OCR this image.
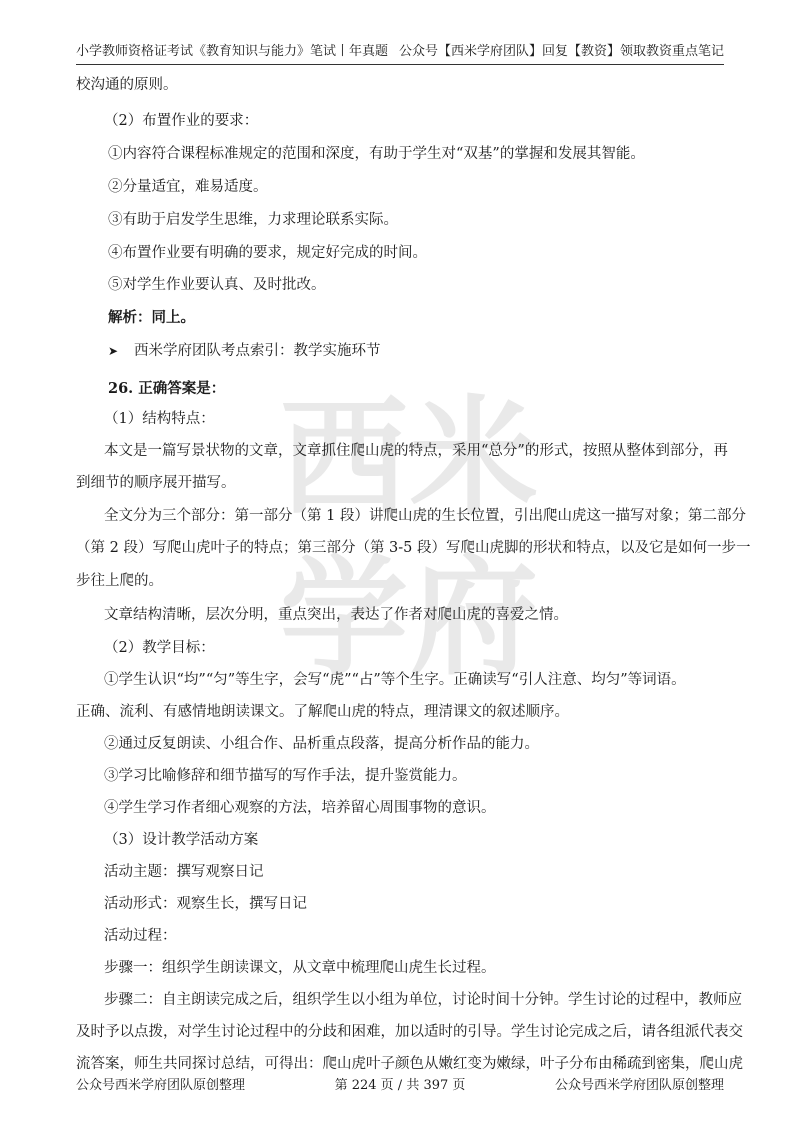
小学教师资格证考试《教育知识与能力》笔试丨年真题 公众号【西米学府团队】回复【教资】领取教资重点笔记
西 米
学 府
校沟通的原则。
（2）布置作业的要求：
①内容符合课程标准规定的范围和深度，有助于学生对“双基”的掌握和发展其智能。
②分量适宜，难易适度。
③有助于启发学生思维，力求理论联系实际。
④布置作业要有明确的要求，规定好完成的时间。
⑤对学生作业要认真、及时批改。
解析：同上。
➤ 西米学府团队考点索引：教学实施环节
26. 正确答案是：
（1）结构特点：
本文是一篇写景状物的文章，文章抓住爬山虎的特点，采用“总分”的形式，按照从整体到部分，再
到细节的顺序展开描写。
全文分为三个部分：第一部分（第 1 段）讲爬山虎的生长位置，引出爬山虎这一描写对象；第二部分
（第 2 段）写爬山虎叶子的特点；第三部分（第 3-5 段）写爬山虎脚的形状和特点，以及它是如何一步一
步往上爬的。
文章结构清晰，层次分明，重点突出，表达了作者对爬山虎的喜爱之情。
（2）教学目标：
①学生认识“均”“匀”等生字，会写“虎”“占”等个生字。正确读写“引人注意、均匀”等词语。
正确、流利、有感情地朗读课文。了解爬山虎的特点，理清课文的叙述顺序。
②通过反复朗读、小组合作、品析重点段落，提高分析作品的能力。
③学习比喻修辞和细节描写的写作手法，提升鉴赏能力。
④学生学习作者细心观察的方法，培养留心周围事物的意识。
（3）设计教学活动方案
活动主题：撰写观察日记
活动形式：观察生长，撰写日记
活动过程：
步骤一：组织学生朗读课文，从文章中梳理爬山虎生长过程。
步骤二：自主朗读完成之后，组织学生以小组为单位，讨论时间十分钟。学生讨论的过程中，教师应
及时予以点拨，对学生讨论过程中的分歧和困难，加以适时的引导。学生讨论完成之后，请各组派代表交
流答案，师生共同探讨总结，可得出：爬山虎叶子颜色从嫩红变为嫩绿，叶子分布由稀疏到密集，爬山虎
公众号西米学府团队原创整理	第 224 页 / 共 397 页	公众号西米学府团队原创整理
